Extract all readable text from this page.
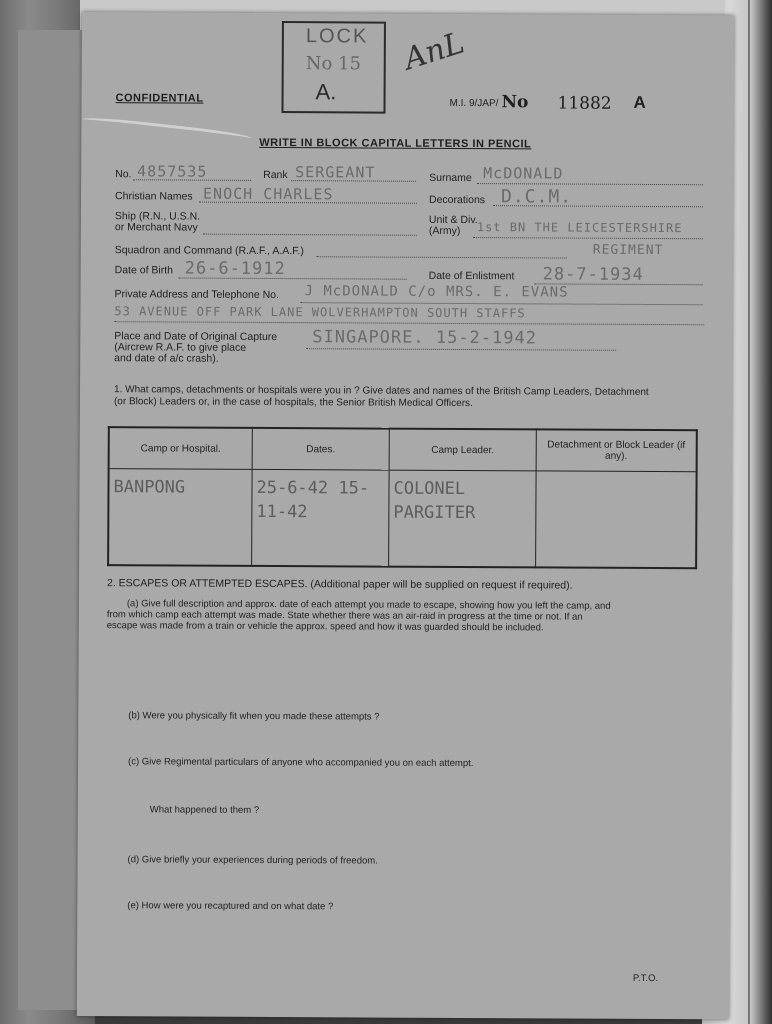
LOCK
No 15
A.
AnL
CONFIDENTIAL	M.I. 9/JAP/ No 11882 A
WRITE IN BLOCK CAPITAL LETTERS IN PENCIL
No. 4857535	Rank SERGEANT	Surname McDONALD
Christian Names ENOCH CHARLES	Decorations D.C.M.
Ship (R.N., U.S.N.
or Merchant Navy
Unit & Div.
(Army) 1st BN THE LEICESTERSHIRE
Squadron and Command (R.A.F., A.A.F.)	REGIMENT
Date of Birth 26-6-1912	Date of Enlistment 28-7-1934
Private Address and Telephone No. J McDONALD C/o MRS. E. EVANS
53 AVENUE OFF PARK LANE WOLVERHAMPTON SOUTH STAFFS
Place and Date of Original Capture
(Aircrew R.A.F. to give place
and date of a/c crash).
SINGAPORE. 15-2-1942
1. What camps, detachments or hospitals were you in ? Give dates and names of the British Camp Leaders, Detachment
(or Block) Leaders or, in the case of hospitals, the Senior British Medical Officers.
Camp or Hospital.	Dates.	Camp Leader.	Detachment or Block Leader (if any).
BANPONG	25-6-42 15-11-42	COLONEL PARGITER	
2. ESCAPES OR ATTEMPTED ESCAPES. (Additional paper will be supplied on request if required).
(a) Give full description and approx. date of each attempt you made to escape, showing how you left the camp, and
from which camp each attempt was made. State whether there was an air-raid in progress at the time or not. If an
escape was made from a train or vehicle the approx. speed and how it was guarded should be included.
(b) Were you physically fit when you made these attempts ?
(c) Give Regimental particulars of anyone who accompanied you on each attempt.
What happened to them ?
(d) Give briefly your experiences during periods of freedom.
(e) How were you recaptured and on what date ?
P.T.O.
